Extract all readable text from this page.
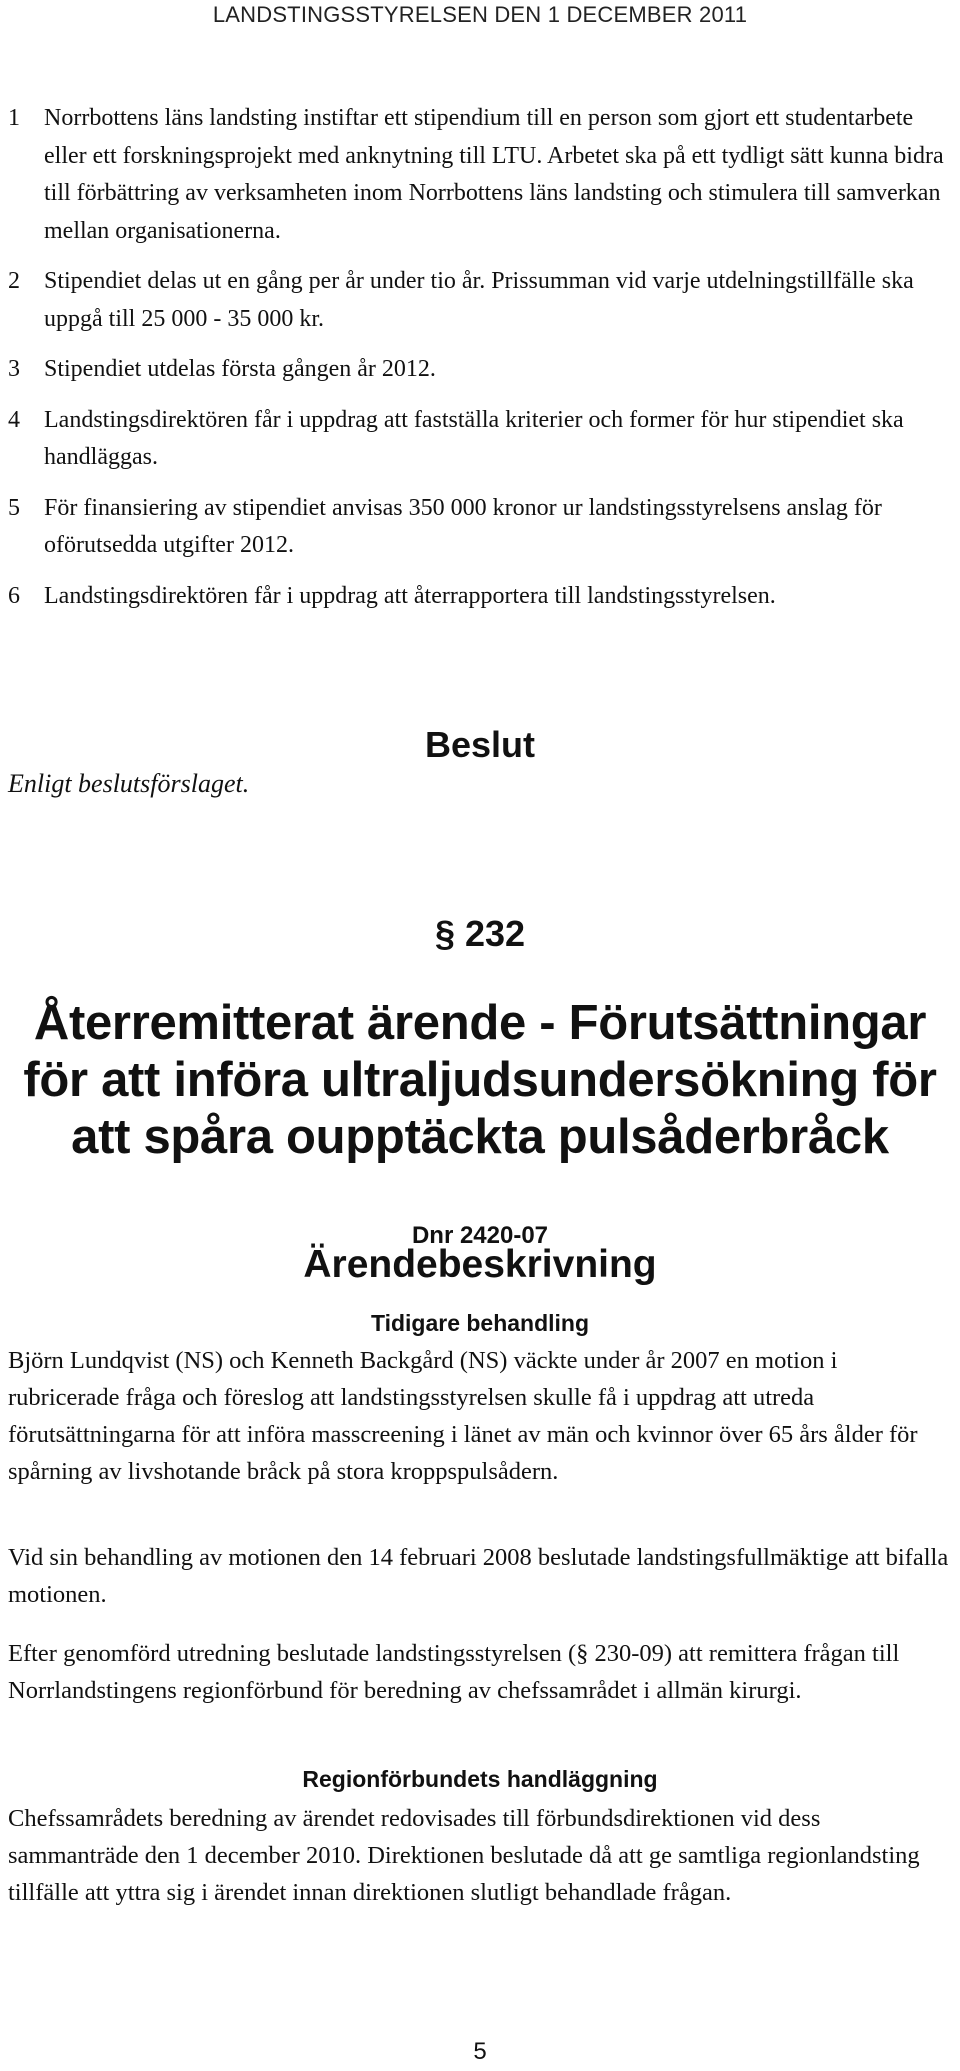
LANDSTINGSSTYRELSEN DEN 1 DECEMBER 2011
1 Norrbottens läns landsting instiftar ett stipendium till en person som gjort ett studentarbete eller ett forskningsprojekt med anknytning till LTU. Arbetet ska på ett tydligt sätt kunna bidra till förbättring av verksamheten inom Norrbottens läns landsting och stimulera till samverkan mellan organisationerna.
2 Stipendiet delas ut en gång per år under tio år. Prissumman vid varje utdelningstillfälle ska uppgå till 25 000 - 35 000 kr.
3 Stipendiet utdelas första gången år 2012.
4 Landstingsdirektören får i uppdrag att fastställa kriterier och former för hur stipendiet ska handläggas.
5 För finansiering av stipendiet anvisas 350 000 kronor ur landstingsstyrelsens anslag för oförutsedda utgifter 2012.
6 Landstingsdirektören får i uppdrag att återrapportera till landstingsstyrelsen.
Beslut
Enligt beslutsförslaget.
§ 232
Återremitterat ärende - Förutsättningar för att införa ultraljudsundersökning för att spåra oupptäckta pulsåderbråck
Dnr 2420-07
Ärendebeskrivning
Tidigare behandling
Björn Lundqvist (NS) och Kenneth Backgård (NS) väckte under år 2007 en motion i rubricerade fråga och föreslog att landstingsstyrelsen skulle få i uppdrag att utreda förutsättningarna för att införa masscreening i länet av män och kvinnor över 65 års ålder för spårning av livshotande bråck på stora kroppspulsådern.
Vid sin behandling av motionen den 14 februari 2008 beslutade landstingsfullmäktige att bifalla motionen.
Efter genomförd utredning beslutade landstingsstyrelsen (§ 230-09) att remittera frågan till Norrlandstingens regionförbund för beredning av chefssamrådet i allmän kirurgi.
Regionförbundets handläggning
Chefssamrådets beredning av ärendet redovisades till förbundsdirektionen vid dess sammanträde den 1 december 2010. Direktionen beslutade då att ge samtliga regionlandsting tillfälle att yttra sig i ärendet innan direktionen slutligt behandlade frågan.
5
